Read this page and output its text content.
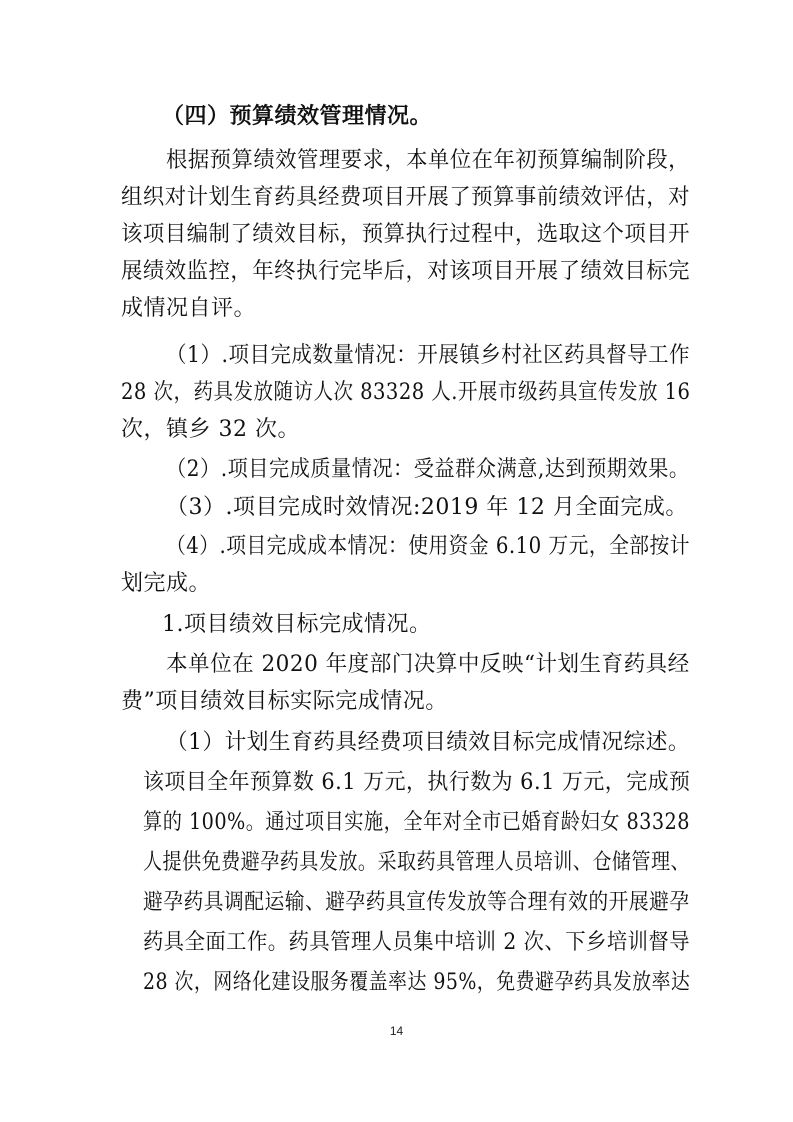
（四）预算绩效管理情况。
根据预算绩效管理要求，本单位在年初预算编制阶段，
组织对计划生育药具经费项目开展了预算事前绩效评估，对
该项目编制了绩效目标，预算执行过程中，选取这个项目开
展绩效监控，年终执行完毕后，对该项目开展了绩效目标完
成情况自评。
（1）.项目完成数量情况：开展镇乡村社区药具督导工作
28 次，药具发放随访人次 83328 人.开展市级药具宣传发放 16
次，镇乡 32 次。
（2）.项目完成质量情况：受益群众满意,达到预期效果。
（3）.项目完成时效情况:2019 年 12 月全面完成。
（4）.项目完成成本情况：使用资金 6.10 万元，全部按计
划完成。
1.项目绩效目标完成情况。
本单位在 2020 年度部门决算中反映“计划生育药具经
费”项目绩效目标实际完成情况。
（1）计划生育药具经费项目绩效目标完成情况综述。
该项目全年预算数 6.1 万元，执行数为 6.1 万元，完成预
算的 100%。通过项目实施，全年对全市已婚育龄妇女 83328
人提供免费避孕药具发放。采取药具管理人员培训、仓储管理、
避孕药具调配运输、避孕药具宣传发放等合理有效的开展避孕
药具全面工作。药具管理人员集中培训 2 次、下乡培训督导
28 次，网络化建设服务覆盖率达 95%，免费避孕药具发放率达
14
